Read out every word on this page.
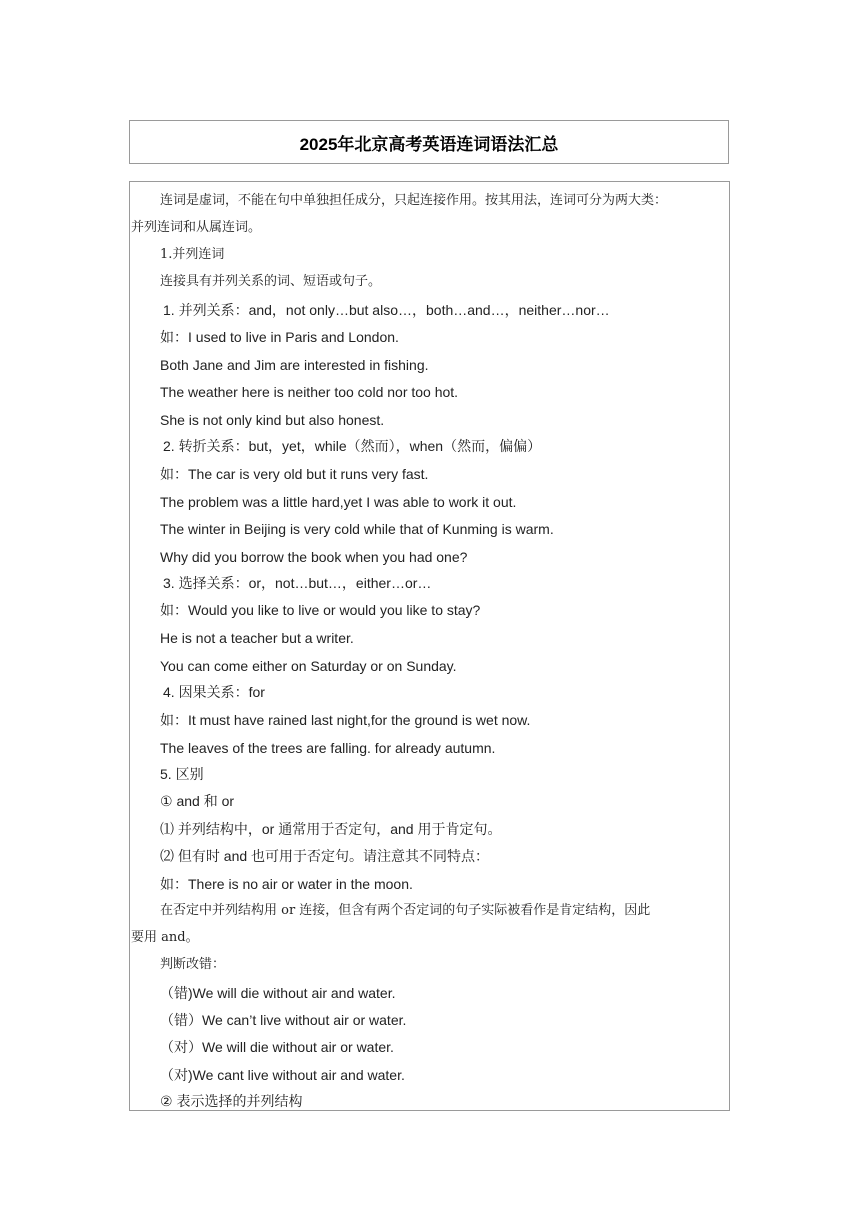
2025年北京高考英语连词语法汇总
连词是虚词，不能在句中单独担任成分，只起连接作用。按其用法，连词可分为两大类：
并列连词和从属连词。
1.并列连词
连接具有并列关系的词、短语或句子。
1. 并列关系：and，not only…but also…，both…and…，neither…nor…
如：I used to live in Paris and London.
Both Jane and Jim are interested in fishing.
The weather here is neither too cold nor too hot.
She is not only kind but also honest.
2. 转折关系：but，yet，while（然而），when（然而，偏偏）
如：The car is very old but it runs very fast.
The problem was a little hard,yet I was able to work it out.
The winter in Beijing is very cold while that of Kunming is warm.
Why did you borrow the book when you had one?
3. 选择关系：or，not…but…，either…or…
如：Would you like to live or would you like to stay?
He is not a teacher but a writer.
You can come either on Saturday or on Sunday.
4. 因果关系：for
如：It must have rained last night,for the ground is wet now.
The leaves of the trees are falling. for already autumn.
5. 区别
① and 和 or
⑴ 并列结构中，or 通常用于否定句，and 用于肯定句。
⑵ 但有时 and 也可用于否定句。请注意其不同特点：
如：There is no air or water in the moon.
在否定中并列结构用 or 连接，但含有两个否定词的句子实际被看作是肯定结构，因此
要用 and。
判断改错：
（错)We will die without air and water.
（错）We can’t live without air or water.
（对）We will die without air or water.
（对)We cant live without air and water.
② 表示选择的并列结构
